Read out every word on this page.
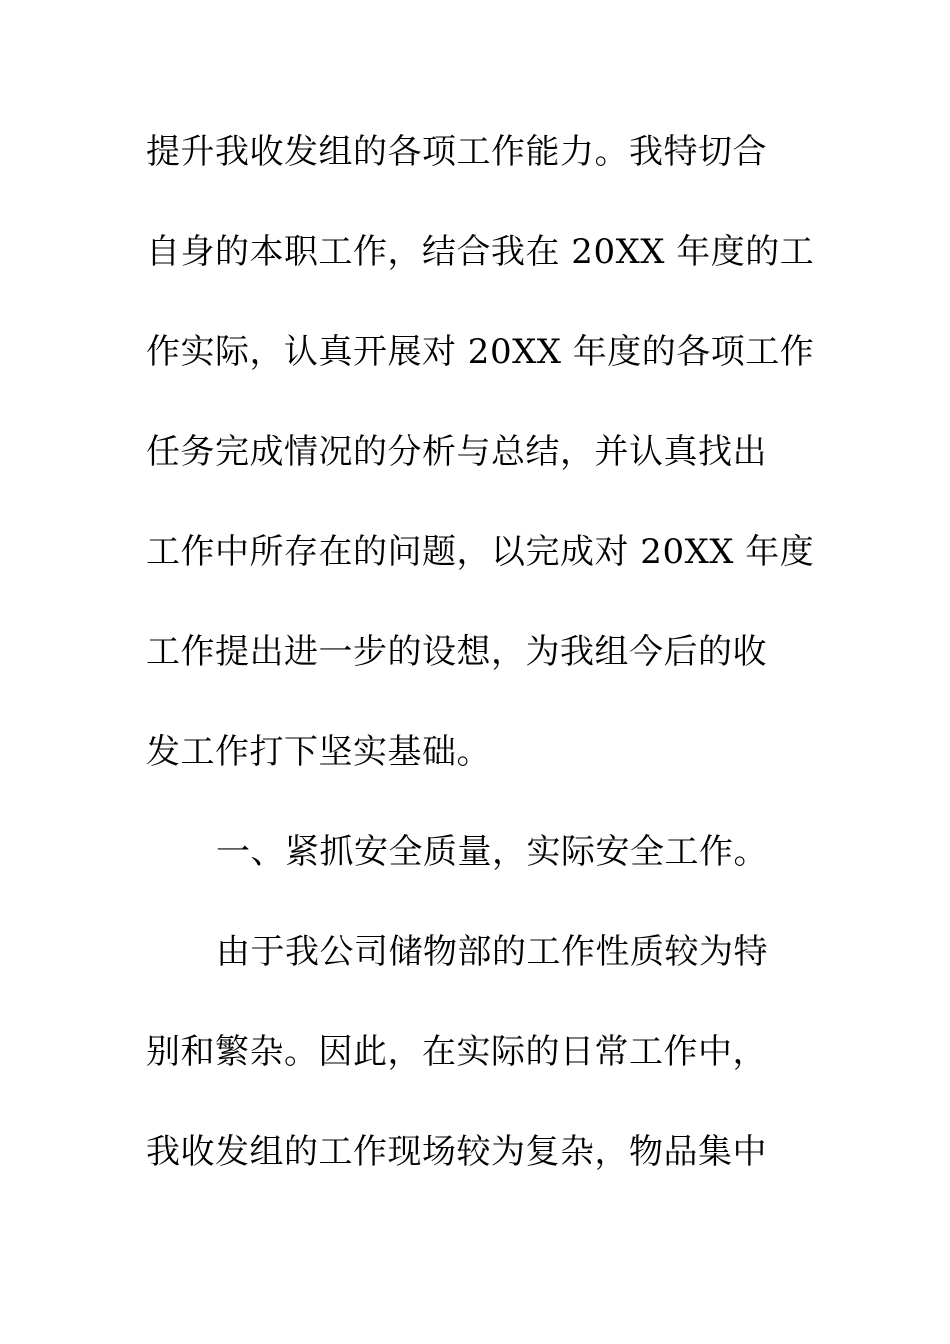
提升我收发组的各项工作能力。我特切合
自身的本职工作，结合我在 20XX 年度的工
作实际，认真开展对 20XX 年度的各项工作
任务完成情况的分析与总结，并认真找出
工作中所存在的问题，以完成对 20XX 年度
工作提出进一步的设想，为我组今后的收
发工作打下坚实基础。
一、紧抓安全质量，实际安全工作。
由于我公司储物部的工作性质较为特
别和繁杂。因此，在实际的日常工作中，
我收发组的工作现场较为复杂，物品集中
